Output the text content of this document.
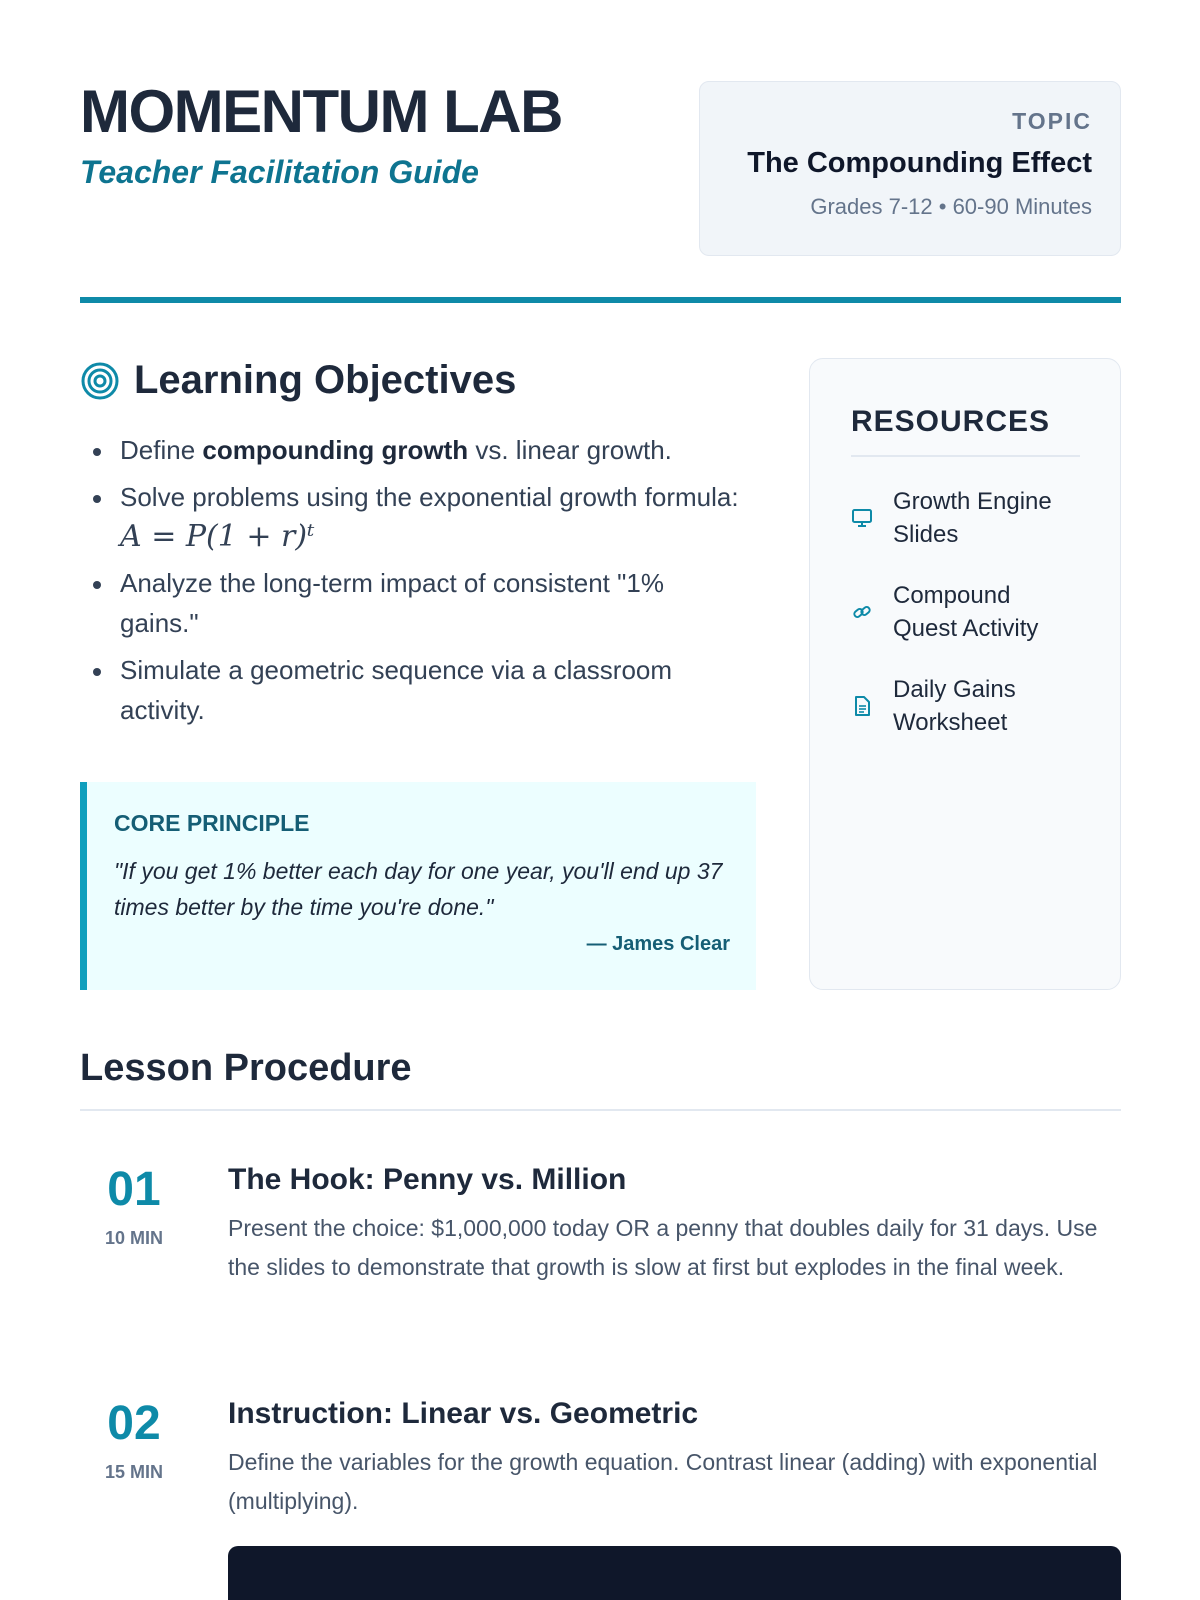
MOMENTUM LAB
Teacher Facilitation Guide
TOPIC
The Compounding Effect
Grades 7-12 • 60-90 Minutes
Learning Objectives
Define compounding growth vs. linear growth.
Solve problems using the exponential growth formula: A = P(1 + r)ᵗ
Analyze the long-term impact of consistent "1% gains."
Simulate a geometric sequence via a classroom activity.
CORE PRINCIPLE
"If you get 1% better each day for one year, you'll end up 37 times better by the time you're done."
— James Clear
RESOURCES
Growth Engine Slides
Compound Quest Activity
Daily Gains Worksheet
Lesson Procedure
01
10 MIN
The Hook: Penny vs. Million
Present the choice: $1,000,000 today OR a penny that doubles daily for 31 days. Use the slides to demonstrate that growth is slow at first but explodes in the final week.
02
15 MIN
Instruction: Linear vs. Geometric
Define the variables for the growth equation. Contrast linear (adding) with exponential (multiplying).
